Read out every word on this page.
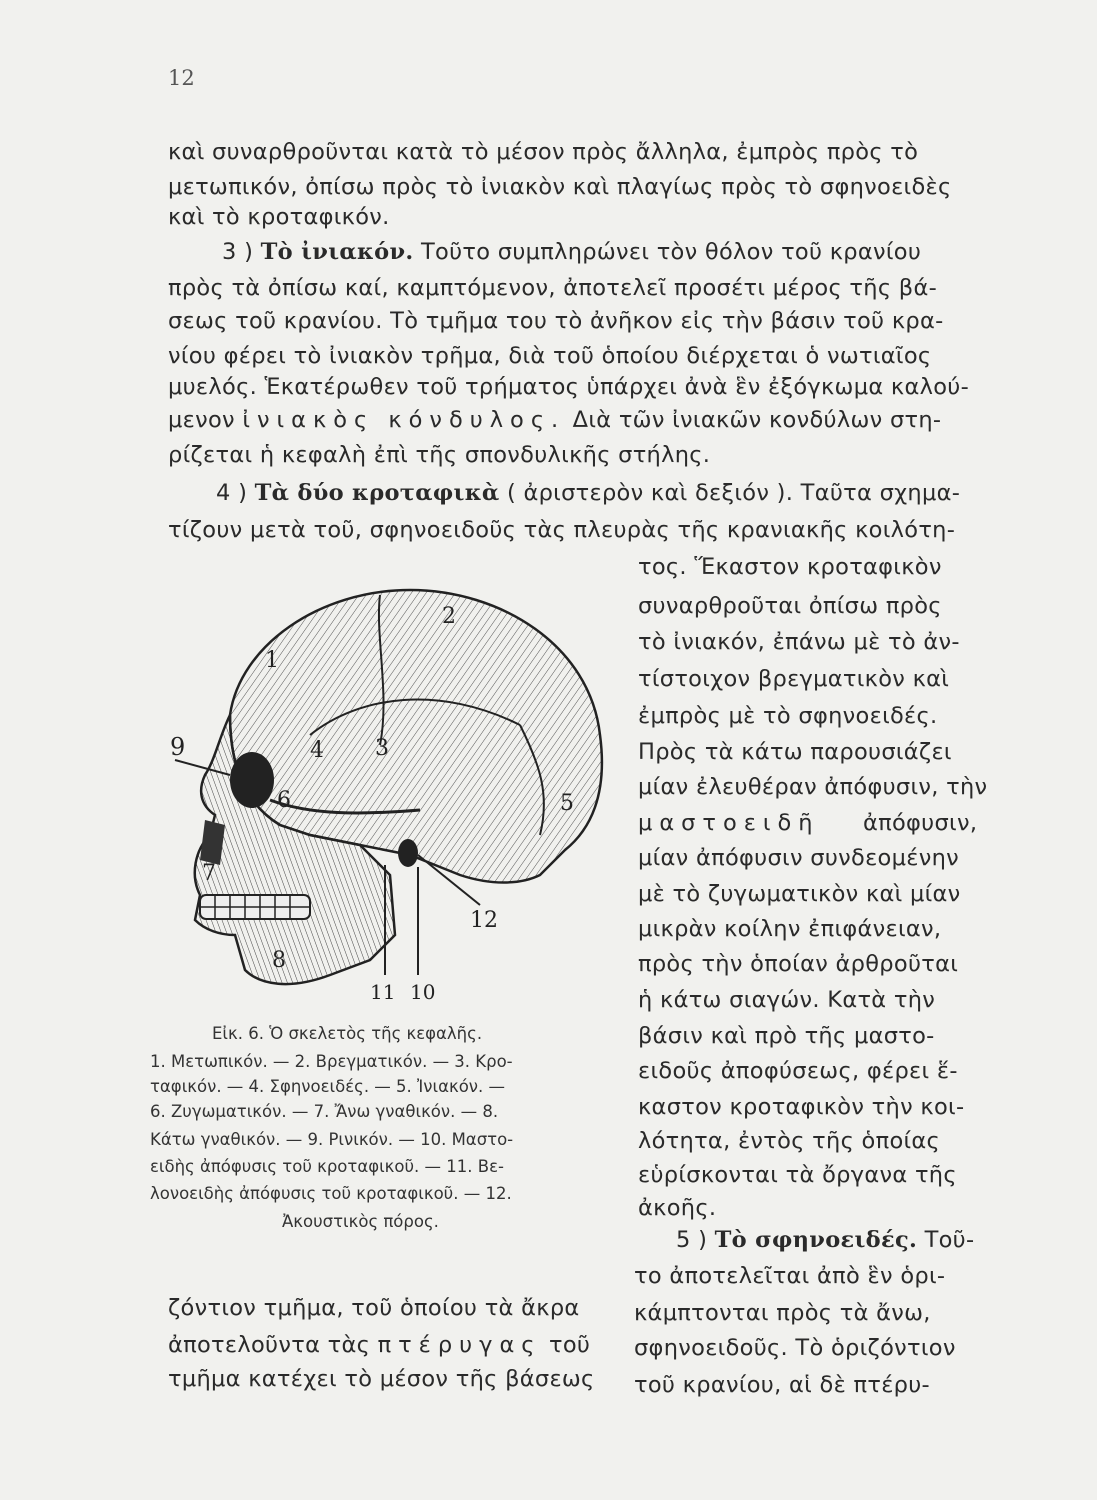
12
καὶ συναρθροῦνται κατὰ τὸ μέσον πρὸς ἄλληλα, ἐμπρὸς πρὸς τὸ
μετωπικόν, ὀπίσω πρὸς τὸ ἰνιακὸν καὶ πλαγίως πρὸς τὸ σφηνοειδὲς
καὶ τὸ κροταφικόν.
3 ) Τὸ ἰνιακόν. Τοῦτο συμπληρώνει τὸν θόλον τοῦ κρανίου
πρὸς τὰ ὀπίσω καί, καμπτόμενον, ἀποτελεῖ προσέτι μέρος τῆς βά-
σεως τοῦ κρανίου. Τὸ τμῆμα του τὸ ἀνῆκον εἰς τὴν βάσιν τοῦ κρα-
νίου φέρει τὸ ἰνιακὸν τρῆμα, διὰ τοῦ ὁποίου διέρχεται ὁ νωτιαῖος
μυελός. Ἑκατέρωθεν τοῦ τρήματος ὑπάρχει ἀνὰ ἓν ἐξόγκωμα καλού-
μενον ἰνιακὸς κόνδυλος. Διὰ τῶν ἰνιακῶν κονδύλων στη-
ρίζεται ἡ κεφαλὴ ἐπὶ τῆς σπονδυλικῆς στήλης.
4 ) Τὰ δύο κροταφικὰ ( ἀριστερὸν καὶ δεξιόν ). Ταῦτα σχημα-
τίζουν μετὰ τοῦ, σφηνοειδοῦς τὰς πλευρὰς τῆς κρανιακῆς κοιλότη-
τος. Ἕκαστον κροταφικὸν
συναρθροῦται ὀπίσω πρὸς
τὸ ἰνιακόν, ἐπάνω μὲ τὸ ἀν-
τίστοιχον βρεγματικὸν καὶ
ἐμπρὸς μὲ τὸ σφηνοειδές.
Πρὸς τὰ κάτω παρουσιάζει
μίαν ἐλευθέραν ἀπόφυσιν, τὴν
μαστοειδῆ ἀπόφυσιν,
μίαν ἀπόφυσιν συνδεομένην
μὲ τὸ ζυγωματικὸν καὶ μίαν
μικρὰν κοίλην ἐπιφάνειαν,
πρὸς τὴν ὁποίαν ἀρθροῦται
ἡ κάτω σιαγών. Κατὰ τὴν
βάσιν καὶ πρὸ τῆς μαστο-
ειδοῦς ἀποφύσεως, φέρει ἕ-
καστον κροταφικὸν τὴν κοι-
λότητα, ἐντὸς τῆς ὁποίας
εὑρίσκονται τὰ ὄργανα τῆς
ἀκοῆς.
5 ) Τὸ σφηνοειδές. Τοῦ-
το ἀποτελεῖται ἀπὸ ἓν ὁρι-
ζόντιον τμῆμα, τοῦ ὁποίου τὰ ἄκρα κάμπτονται πρὸς τὰ ἄνω,
ἀποτελοῦντα τὰς πτέρυγας τοῦ σφηνοειδοῦς. Τὸ ὁριζόντιον
τμῆμα κατέχει τὸ μέσον τῆς βάσεως τοῦ κρανίου, αἱ δὲ πτέρυ-
1
2
3
4
5
6
7
8
9
10
11
12
Εἰκ. 6. Ὁ σκελετὸς τῆς κεφαλῆς.
1. Μετωπικόν. — 2. Βρεγματικόν. — 3. Κρο-
ταφικόν. — 4. Σφηνοειδές. — 5. Ἰνιακόν. —
6. Ζυγωματικόν. — 7. Ἄνω γναθικόν. — 8.
Κάτω γναθικόν. — 9. Ρινικόν. — 10. Μαστο-
ειδὴς ἀπόφυσις τοῦ κροταφικοῦ. — 11. Βε-
λονοειδὴς ἀπόφυσις τοῦ κροταφικοῦ. — 12.
Ἀκουστικὸς πόρος.
